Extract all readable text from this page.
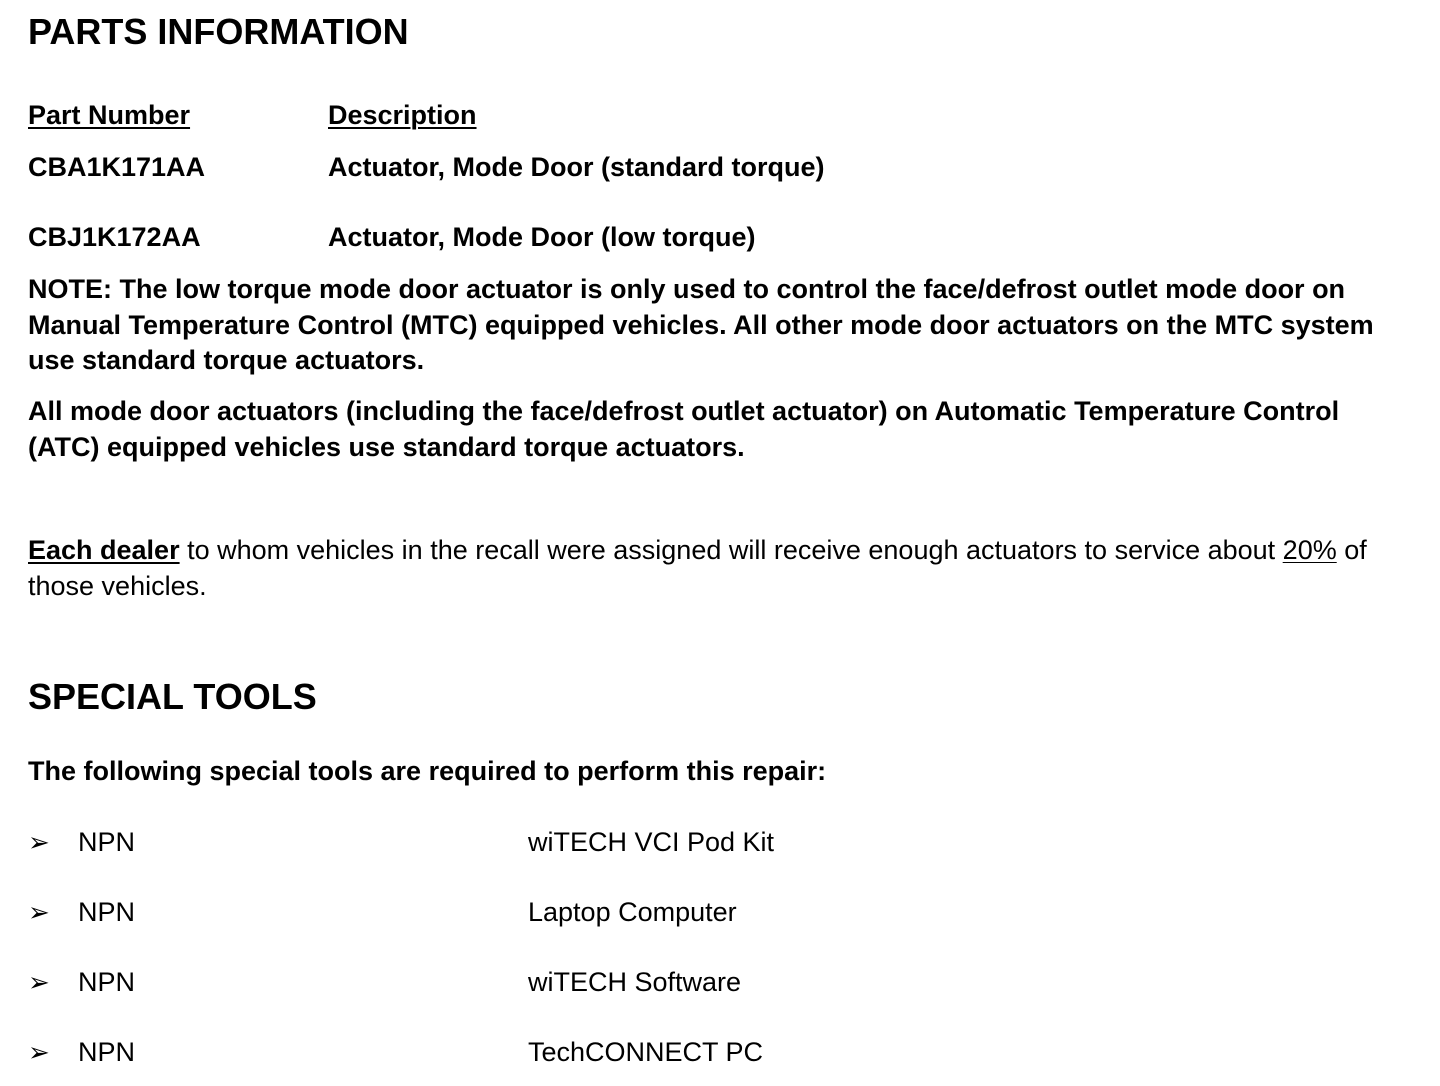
PARTS INFORMATION
Part Number	Description
CBA1K171AA	Actuator, Mode Door (standard torque)
CBJ1K172AA	Actuator, Mode Door (low torque)
NOTE: The low torque mode door actuator is only used to control the face/defrost outlet mode door on Manual Temperature Control (MTC) equipped vehicles. All other mode door actuators on the MTC system use standard torque actuators.
All mode door actuators (including the face/defrost outlet actuator) on Automatic Temperature Control (ATC) equipped vehicles use standard torque actuators.
Each dealer to whom vehicles in the recall were assigned will receive enough actuators to service about 20% of those vehicles.
SPECIAL TOOLS
The following special tools are required to perform this repair:
➢ NPN	wiTECH VCI Pod Kit
➢ NPN	Laptop Computer
➢ NPN	wiTECH Software
➢ NPN	TechCONNECT PC
